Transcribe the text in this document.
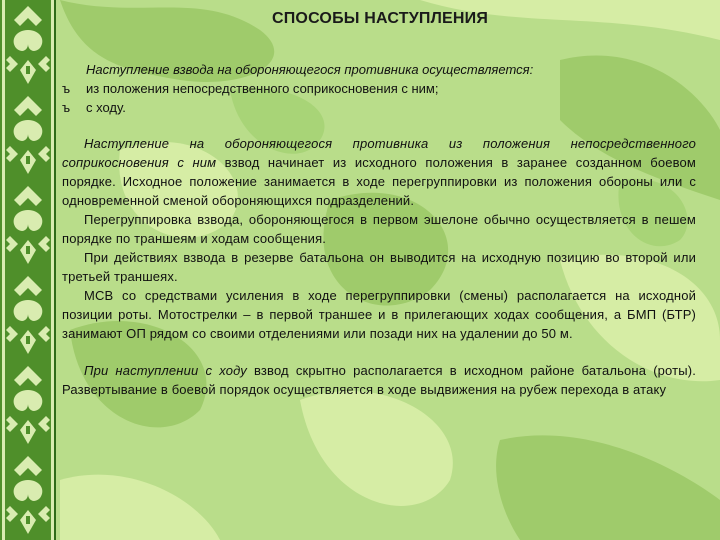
СПОСОБЫ НАСТУПЛЕНИЯ
Наступление взвода на обороняющегося противника осуществляется:
ъ	из положения непосредственного соприкосновения с ним;
ъ	с ходу.

Наступление на обороняющегося противника из положения непосредственного соприкосновения с ним взвод начинает из исходного положения в заранее созданном боевом порядке. Исходное положение занимается в ходе перегруппировки из положения обороны или с одновременной сменой обороняющихся подразделений.

Перегруппировка взвода, обороняющегося в первом эшелоне обычно осуществляется в пешем порядке по траншеям и ходам сообщения.

При действиях взвода в резерве батальона он выводится на исходную позицию во второй или третьей траншеях.

МСВ со средствами усиления в ходе перегруппировки (смены) располагается на исходной позиции роты. Мотострелки – в первой траншее и в прилегающих ходах сообщения, а БМП (БТР) занимают ОП рядом со своими отделениями или позади них на удалении до 50 м.

При наступлении с ходу взвод скрытно располагается в исходном районе батальона (роты). Развертывание в боевой порядок осуществляется в ходе выдвижения на рубеж перехода в атаку
